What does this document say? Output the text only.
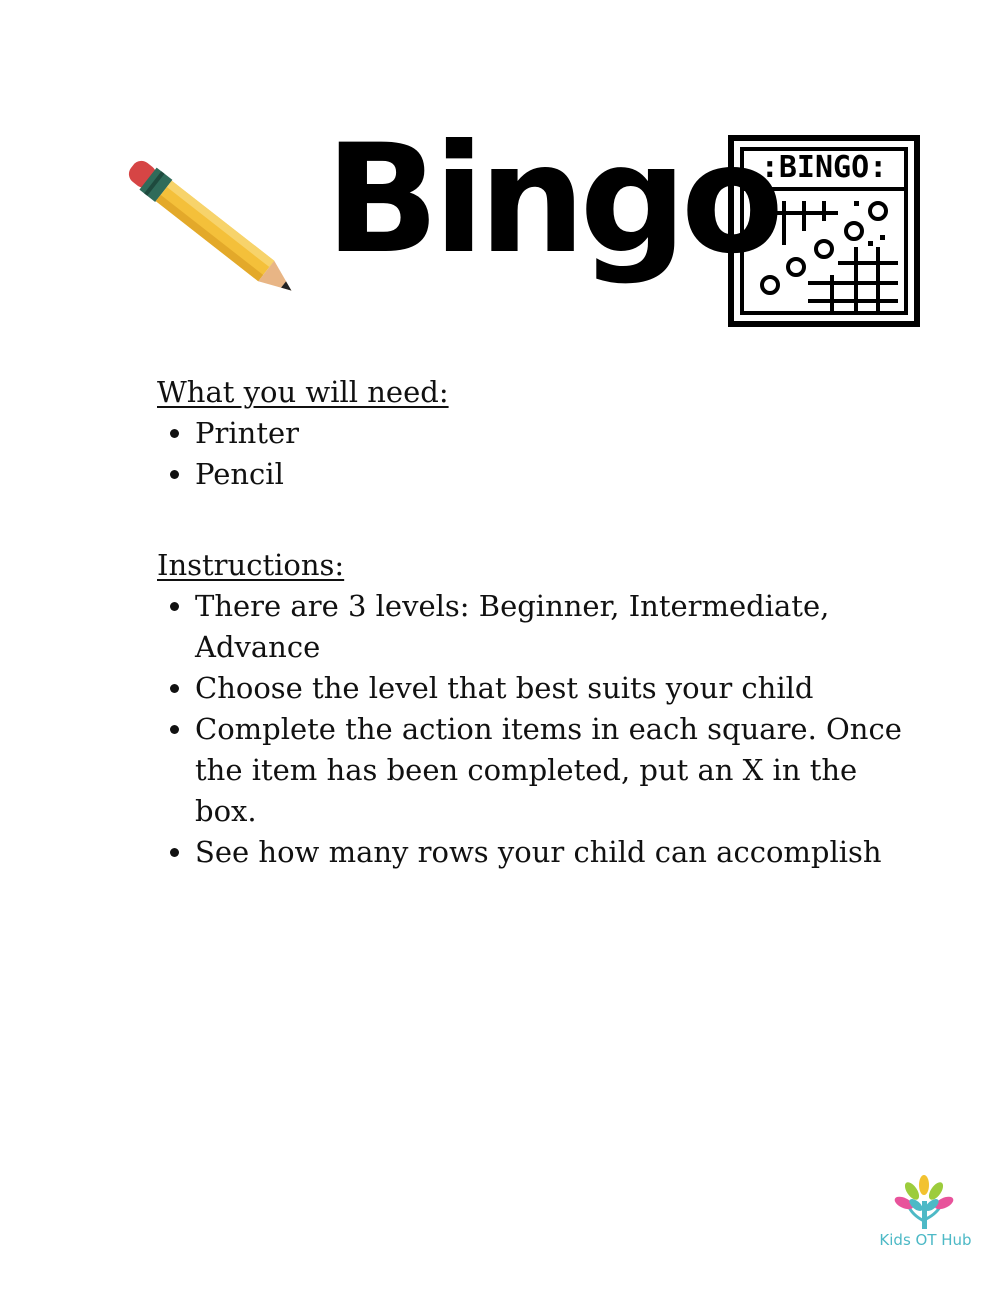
Bingo
:BINGO:

What you will need:

• Printer
• Pencil

Instructions:

• There are 3 levels: Beginner, Intermediate, Advance
• Choose the level that best suits your child
• Complete the action items in each square. Once the item has been completed, put an X in the box.
• See how many rows your child can accomplish
Kids OT Hub
